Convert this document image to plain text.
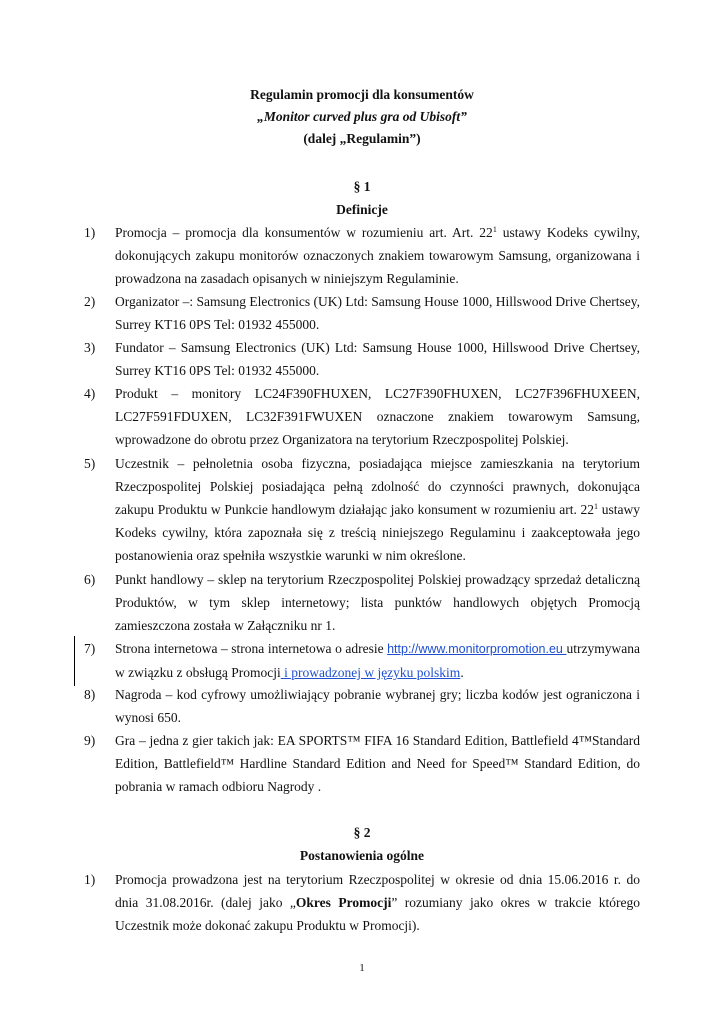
Regulamin promocji dla konsumentów
„Monitor curved plus gra od Ubisoft”
(dalej „Regulamin”)
§ 1
Definicje
1) Promocja – promocja dla konsumentów w rozumieniu art. Art. $22^1$ ustawy Kodeks cywilny, dokonujących zakupu monitorów oznaczonych znakiem towarowym Samsung, organizowana i prowadzona na zasadach opisanych w niniejszym Regulaminie.

2) Organizator –: Samsung Electronics (UK) Ltd: Samsung House 1000, Hillswood Drive Chertsey, Surrey KT16 0PS Tel: 01932 455000.

3) Fundator – Samsung Electronics (UK) Ltd: Samsung House 1000, Hillswood Drive Chertsey, Surrey KT16 0PS Tel: 01932 455000.

4) Produkt – monitory LC24F390FHUXEN, LC27F390FHUXEN, LC27F396FHUXEEN,

LC27F591FDUXEN, LC32F391FWUXEN oznaczone znakiem towarowym Samsung,

wprowadzone do obrotu przez Organizatora na terytorium Rzeczpospolitej Polskiej.

5) Uczestnik – pełnoletnia osoba fizyczna, posiadająca miejsce zamieszkania na terytorium Rzeczpospolitej Polskiej posiadająca pełną zdolność do czynności prawnych, dokonująca zakupu Produktu w Punkcie handlowym działając jako konsument w rozumieniu art. $22^1$ ustawy Kodeks cywilny, która zapoznała się z treścią niniejszego Regulaminu i zaakceptowała jego postanowienia oraz spełniła wszystkie warunki w nim określone.

6) Punkt handlowy – sklep na terytorium Rzeczpospolitej Polskiej prowadzący sprzedaż detaliczną Produktów, w tym sklep internetowy; lista punktów handlowych objętych Promocją zamieszczona została w Załączniku nr 1.

7) Strona internetowa – strona internetowa o adresie http://www.monitorpromotion.eu utrzymywana w związku z obsługą Promocji i prowadzonej w języku polskim.

8) Nagroda – kod cyfrowy umożliwiający pobranie wybranej gry; liczba kodów jest ograniczona i wynosi 650.

9) Gra – jedna z gier takich jak: EA SPORTS™ FIFA 16 Standard Edition, Battlefield 4™Standard Edition, Battlefield™ Hardline Standard Edition and Need for Speed™ Standard Edition, do pobrania w ramach odbioru Nagrody .

§ 2
Postanowienia ogólne
1) Promocja prowadzona jest na terytorium Rzeczpospolitej w okresie od dnia 15.06.2016 r. do dnia 31.08.2016r. (dalej jako „Okres Promocji” rozumiany jako okres w trakcie którego Uczestnik może dokonać zakupu Produktu w Promocji).

1
